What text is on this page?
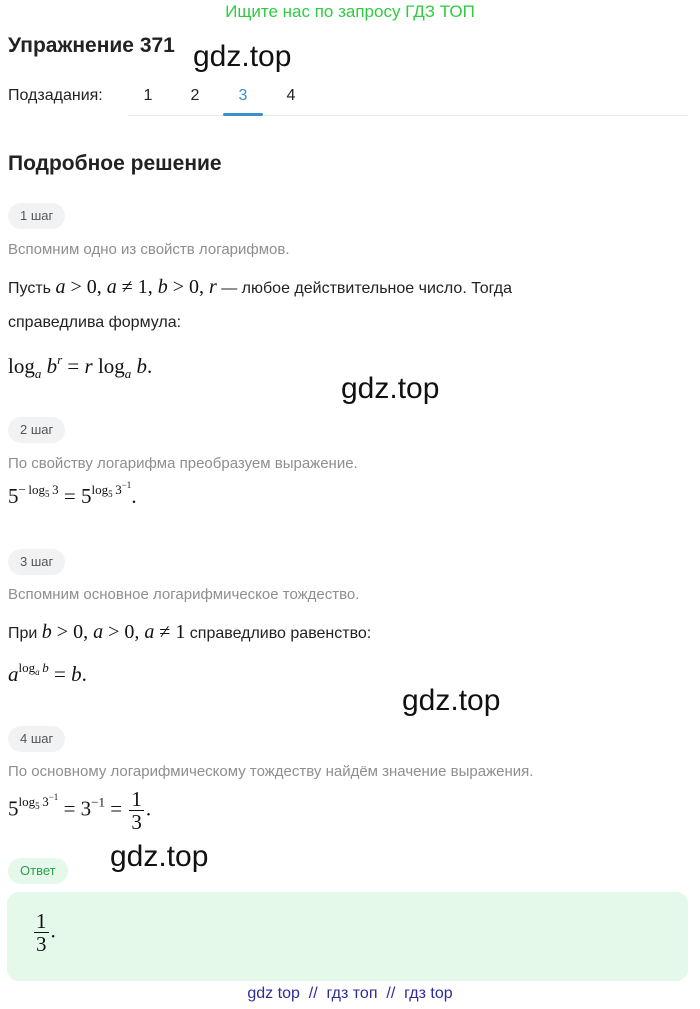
Ищите нас по запросу ГДЗ ТОП
Упражнение 371 gdz.top
Подзадания:	1	2	3	4
Подробное решение
1 шаг
Вспомним одно из свойств логарифмов.
Пусть a > 0, a ≠ 1, b > 0, r — любое действительное число. Тогда
справедлива формула:
$\log_a b^r = r$ $\log_a b$.
gdz.top
2 шаг
По свойству логарифма преобразуем выражение.
$5^{- log_5 3} = 5^{log_5 3^{-1}}$.
3 шаг
Вспомним основное логарифмическое тождество.
При b > 0, a > 0, a ≠ 1 справедливо равенство:
$a^{log_a b} = b$.
gdz.top
4 шаг
По основному логарифмическому тождеству найдём значение выражения.
$5^{log_5 3^{-1}} = 3^{-1} = \frac{1}{3}$ .
gdz.top
Ответ
$\frac{1}{3}$ .
gdz top  //  гдз топ  //  гдз top
